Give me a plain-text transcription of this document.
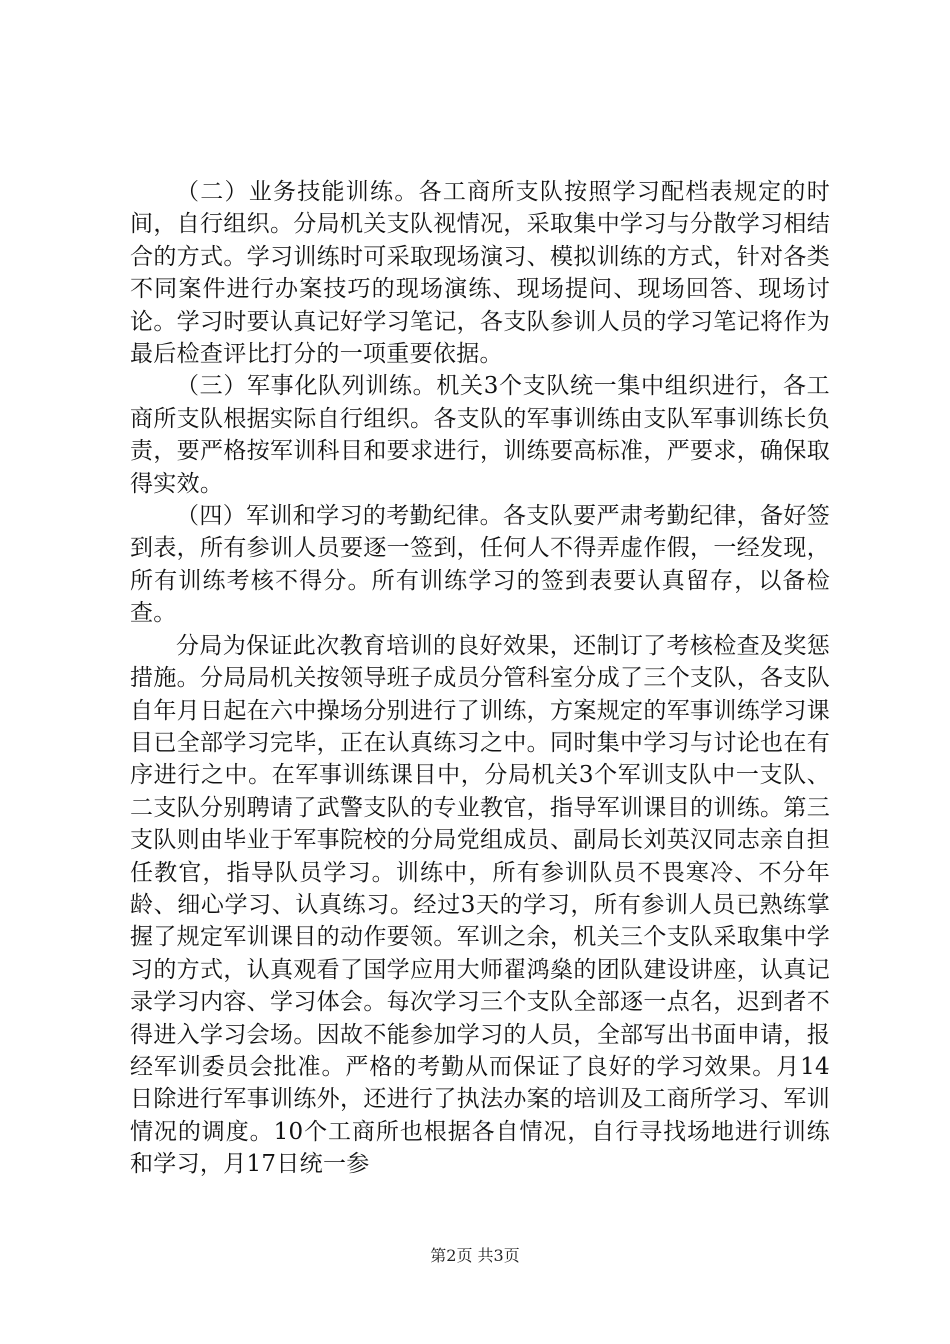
（二）业务技能训练。各工商所支队按照学习配档表规定的时间，自行组织。分局机关支队视情况，采取集中学习与分散学习相结合的方式。学习训练时可采取现场演习、模拟训练的方式，针对各类不同案件进行办案技巧的现场演练、现场提问、现场回答、现场讨论。学习时要认真记好学习笔记，各支队参训人员的学习笔记将作为最后检查评比打分的一项重要依据。

（三）军事化队列训练。机关3个支队统一集中组织进行，各工商所支队根据实际自行组织。各支队的军事训练由支队军事训练长负责，要严格按军训科目和要求进行，训练要高标准，严要求，确保取得实效。

（四）军训和学习的考勤纪律。各支队要严肃考勤纪律，备好签到表，所有参训人员要逐一签到，任何人不得弄虚作假，一经发现，所有训练考核不得分。所有训练学习的签到表要认真留存，以备检查。

分局为保证此次教育培训的良好效果，还制订了考核检查及奖惩措施。分局局机关按领导班子成员分管科室分成了三个支队，各支队自年月日起在六中操场分别进行了训练，方案规定的军事训练学习课目已全部学习完毕，正在认真练习之中。同时集中学习与讨论也在有序进行之中。在军事训练课目中，分局机关3个军训支队中一支队、二支队分别聘请了武警支队的专业教官，指导军训课目的训练。第三支队则由毕业于军事院校的分局党组成员、副局长刘英汉同志亲自担任教官，指导队员学习。训练中，所有参训队员不畏寒冷、不分年龄、细心学习、认真练习。经过3天的学习，所有参训人员已熟练掌握了规定军训课目的动作要领。军训之余，机关三个支队采取集中学习的方式，认真观看了国学应用大师翟鸿燊的团队建设讲座，认真记录学习内容、学习体会。每次学习三个支队全部逐一点名，迟到者不得进入学习会场。因故不能参加学习的人员，全部写出书面申请，报经军训委员会批准。严格的考勤从而保证了良好的学习效果。月14日除进行军事训练外，还进行了执法办案的培训及工商所学习、军训情况的调度。10个工商所也根据各自情况，自行寻找场地进行训练和学习，月17日统一参

第2页 共3页
